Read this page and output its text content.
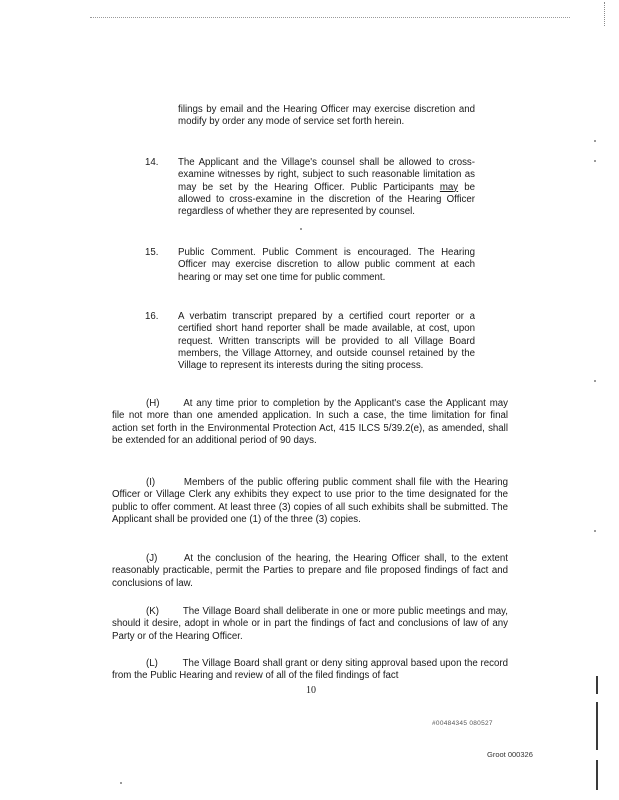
filings by email and the Hearing Officer may exercise discretion and modify by order any mode of service set forth herein.

14. The Applicant and the Village's counsel shall be allowed to cross-examine witnesses by right, subject to such reasonable limitation as may be set by the Hearing Officer. Public Participants may be allowed to cross-examine in the discretion of the Hearing Officer regardless of whether they are represented by counsel.

15. Public Comment. Public Comment is encouraged. The Hearing Officer may exercise discretion to allow public comment at each hearing or may set one time for public comment.

16. A verbatim transcript prepared by a certified court reporter or a certified short hand reporter shall be made available, at cost, upon request. Written transcripts will be provided to all Village Board members, the Village Attorney, and outside counsel retained by the Village to represent its interests during the siting process.

(H) At any time prior to completion by the Applicant's case the Applicant may file not more than one amended application. In such a case, the time limitation for final action set forth in the Environmental Protection Act, 415 ILCS 5/39.2(e), as amended, shall be extended for an additional period of 90 days.

(I)	Members of the public offering public comment shall file with the Hearing Officer or Village Clerk any exhibits they expect to use prior to the time designated for the public to offer comment. At least three (3) copies of all such exhibits shall be submitted. The Applicant shall be provided one (1) of the three (3) copies.

(J)	At the conclusion of the hearing, the Hearing Officer shall, to the extent reasonably practicable, permit the Parties to prepare and file proposed findings of fact and conclusions of law.

(K) The Village Board shall deliberate in one or more public meetings and may, should it desire, adopt in whole or in part the findings of fact and conclusions of law of any Party or of the Hearing Officer.

(L)	The Village Board shall grant or deny siting approval based upon the record from the Public Hearing and review of all of the filed findings of fact

10
#00484345 080527
Groot 000326
